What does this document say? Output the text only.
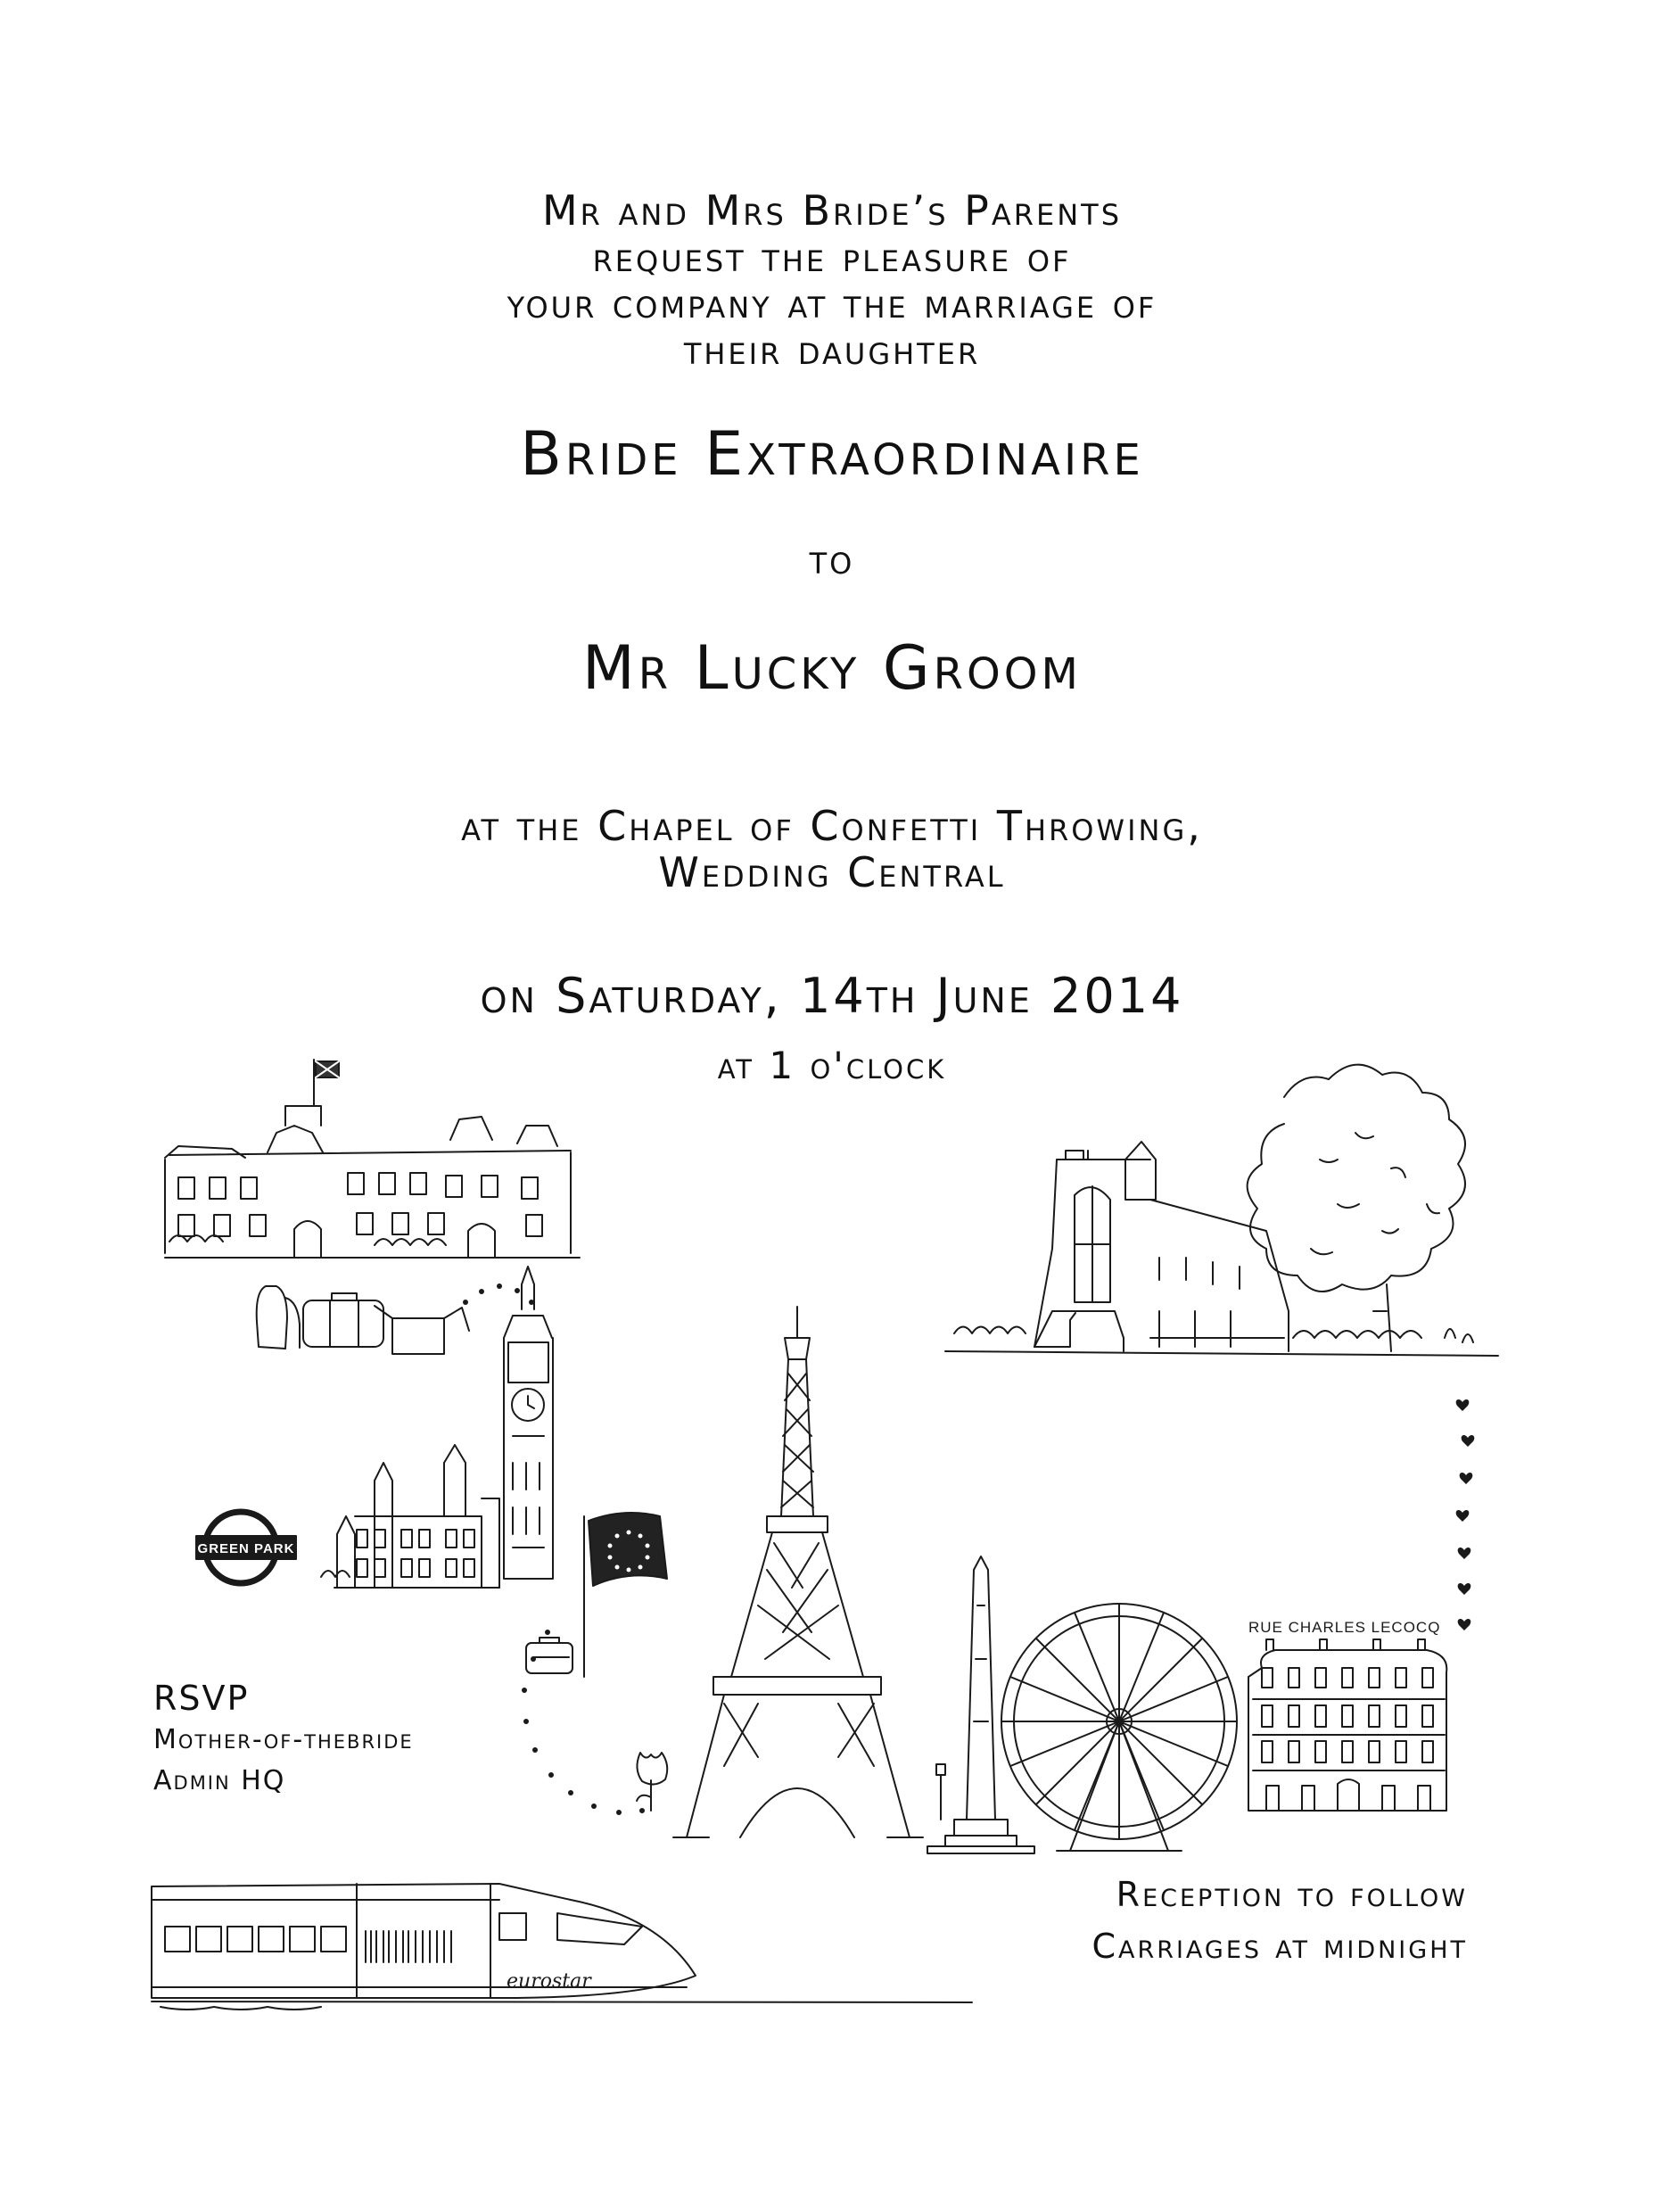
Mr and Mrs Bride’s Parents
request the pleasure of
your company at the marriage of
their daughter
Bride Extraordinaire
to
Mr Lucky Groom
at the Chapel of Confetti Throwing,
Wedding Central
on Saturday, 14th June 2014
at 1 o'clock
RSVP
Mother-of-thebride
Admin HQ
Reception to follow
Carriages at midnight
GREEN PARK
RUE CHARLES LECOCQ
eurostar
